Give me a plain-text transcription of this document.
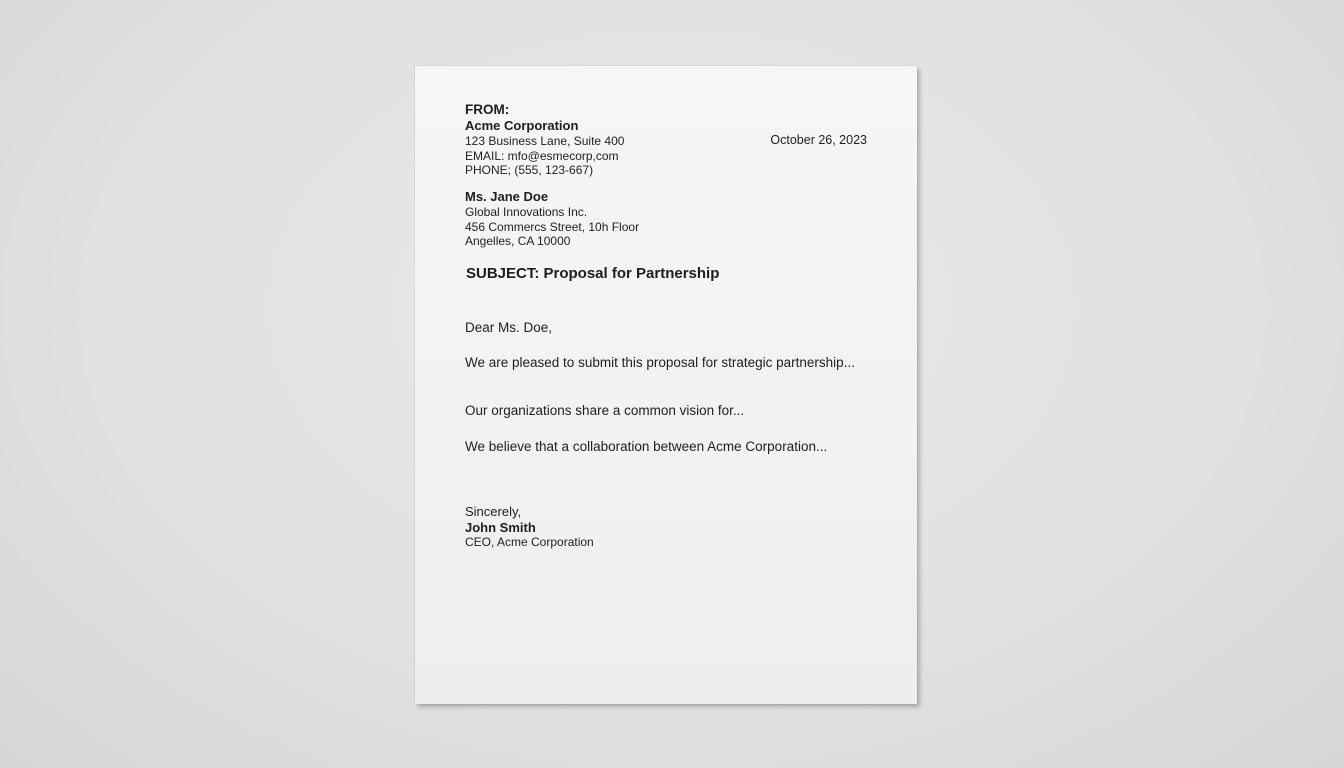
FROM:
Acme Corporation
123 Business Lane, Suite 400
EMAIL: mfo@esmecorp,com
PHONE; (555, 123-667)
October 26, 2023
Ms. Jane Doe
Global Innovations Inc.
456 Commercs Street, 10h Floor
Angelles, CA 10000
SUBJECT: Proposal for Partnership
Dear Ms. Doe,
We are pleased to submit this proposal for strategic partnership...
Our organizations share a common vision for...
We believe that a collaboration between Acme Corporation...
Sincerely,
John Smith
CEO, Acme Corporation
